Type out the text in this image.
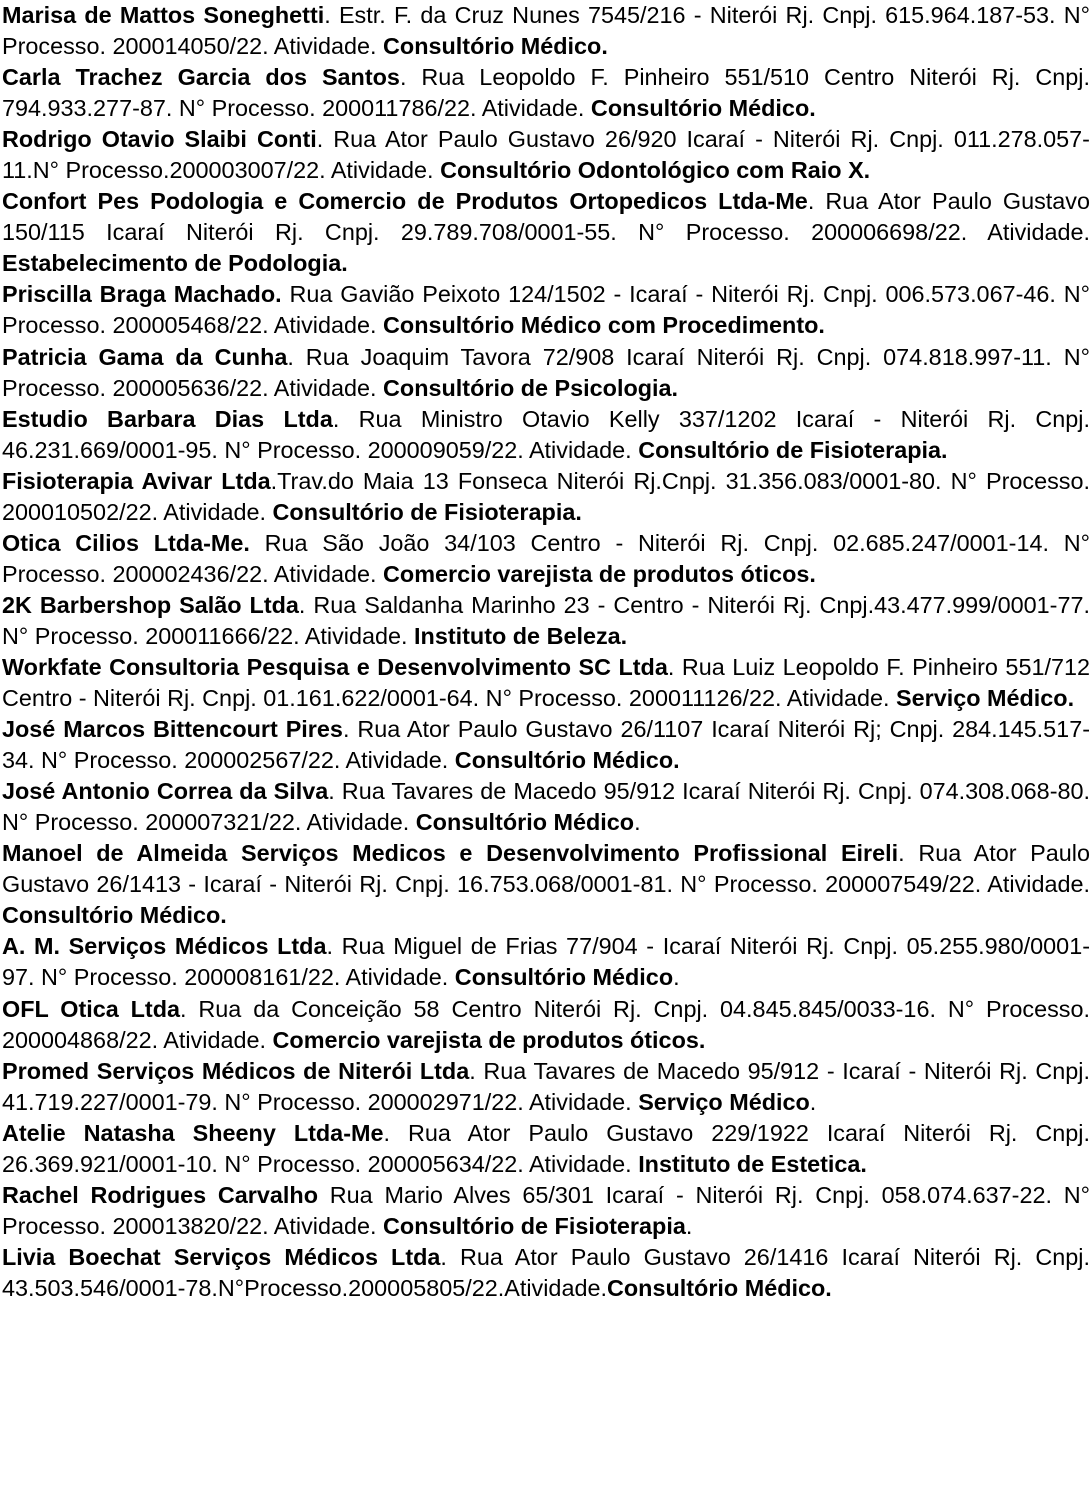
Marisa de Mattos Soneghetti. Estr. F. da Cruz Nunes 7545/216 - Niterói Rj. Cnpj. 615.964.187-53. N° Processo. 200014050/22. Atividade. Consultório Médico.

Carla Trachez Garcia dos Santos. Rua Leopoldo F. Pinheiro 551/510 Centro Niterói Rj. Cnpj. 794.933.277-87. N° Processo. 200011786/22. Atividade. Consultório Médico.

Rodrigo Otavio Slaibi Conti. Rua Ator Paulo Gustavo 26/920 Icaraí - Niterói Rj. Cnpj. 011.278.057-11.N° Processo.200003007/22. Atividade. Consultório Odontológico com Raio X.

Confort Pes Podologia e Comercio de Produtos Ortopedicos Ltda-Me. Rua Ator Paulo Gustavo 150/115 Icaraí Niterói Rj. Cnpj. 29.789.708/0001-55. N° Processo. 200006698/22. Atividade. Estabelecimento de Podologia.

Priscilla Braga Machado. Rua Gavião Peixoto 124/1502 - Icaraí - Niterói Rj. Cnpj. 006.573.067-46. N° Processo. 200005468/22. Atividade. Consultório Médico com Procedimento.

Patricia Gama da Cunha. Rua Joaquim Tavora 72/908 Icaraí Niterói Rj. Cnpj. 074.818.997-11. N° Processo. 200005636/22. Atividade. Consultório de Psicologia.

Estudio Barbara Dias Ltda. Rua Ministro Otavio Kelly 337/1202 Icaraí - Niterói Rj. Cnpj. 46.231.669/0001-95. N° Processo. 200009059/22. Atividade. Consultório de Fisioterapia.

Fisioterapia Avivar Ltda.Trav.do Maia 13 Fonseca Niterói Rj.Cnpj. 31.356.083/0001-80. N° Processo. 200010502/22. Atividade. Consultório de Fisioterapia.

Otica Cilios Ltda-Me. Rua São João 34/103 Centro - Niterói Rj. Cnpj. 02.685.247/0001-14. N° Processo. 200002436/22. Atividade. Comercio varejista de produtos óticos.

2K Barbershop Salão Ltda. Rua Saldanha Marinho 23 - Centro - Niterói Rj. Cnpj.43.477.999/0001-77. N° Processo. 200011666/22. Atividade. Instituto de Beleza.

Workfate Consultoria Pesquisa e Desenvolvimento SC Ltda. Rua Luiz Leopoldo F. Pinheiro 551/712 Centro - Niterói Rj. Cnpj. 01.161.622/0001-64. N° Processo. 200011126/22. Atividade. Serviço Médico.

José Marcos Bittencourt Pires. Rua Ator Paulo Gustavo 26/1107 Icaraí Niterói Rj; Cnpj. 284.145.517-34. N° Processo. 200002567/22. Atividade. Consultório Médico.

José Antonio Correa da Silva. Rua Tavares de Macedo 95/912 Icaraí Niterói Rj. Cnpj. 074.308.068-80. N° Processo. 200007321/22. Atividade. Consultório Médico.

Manoel de Almeida Serviços Medicos e Desenvolvimento Profissional Eireli. Rua Ator Paulo Gustavo 26/1413 - Icaraí - Niterói Rj. Cnpj. 16.753.068/0001-81. N° Processo. 200007549/22. Atividade. Consultório Médico.

A. M. Serviços Médicos Ltda. Rua Miguel de Frias 77/904 - Icaraí Niterói Rj. Cnpj. 05.255.980/0001-97. N° Processo. 200008161/22. Atividade. Consultório Médico.

OFL Otica Ltda. Rua da Conceição 58 Centro Niterói Rj. Cnpj. 04.845.845/0033-16. N° Processo. 200004868/22. Atividade. Comercio varejista de produtos óticos.

Promed Serviços Médicos de Niterói Ltda. Rua Tavares de Macedo 95/912 - Icaraí - Niterói Rj. Cnpj. 41.719.227/0001-79. N° Processo. 200002971/22. Atividade. Serviço Médico.

Atelie Natasha Sheeny Ltda-Me. Rua Ator Paulo Gustavo 229/1922 Icaraí Niterói Rj. Cnpj. 26.369.921/0001-10. N° Processo. 200005634/22. Atividade. Instituto de Estetica.

Rachel Rodrigues Carvalho Rua Mario Alves 65/301 Icaraí - Niterói Rj. Cnpj. 058.074.637-22. N° Processo. 200013820/22. Atividade. Consultório de Fisioterapia.

Livia Boechat Serviços Médicos Ltda. Rua Ator Paulo Gustavo 26/1416 Icaraí Niterói Rj. Cnpj. 43.503.546/0001-78.N°Processo.200005805/22.Atividade.Consultório Médico.
